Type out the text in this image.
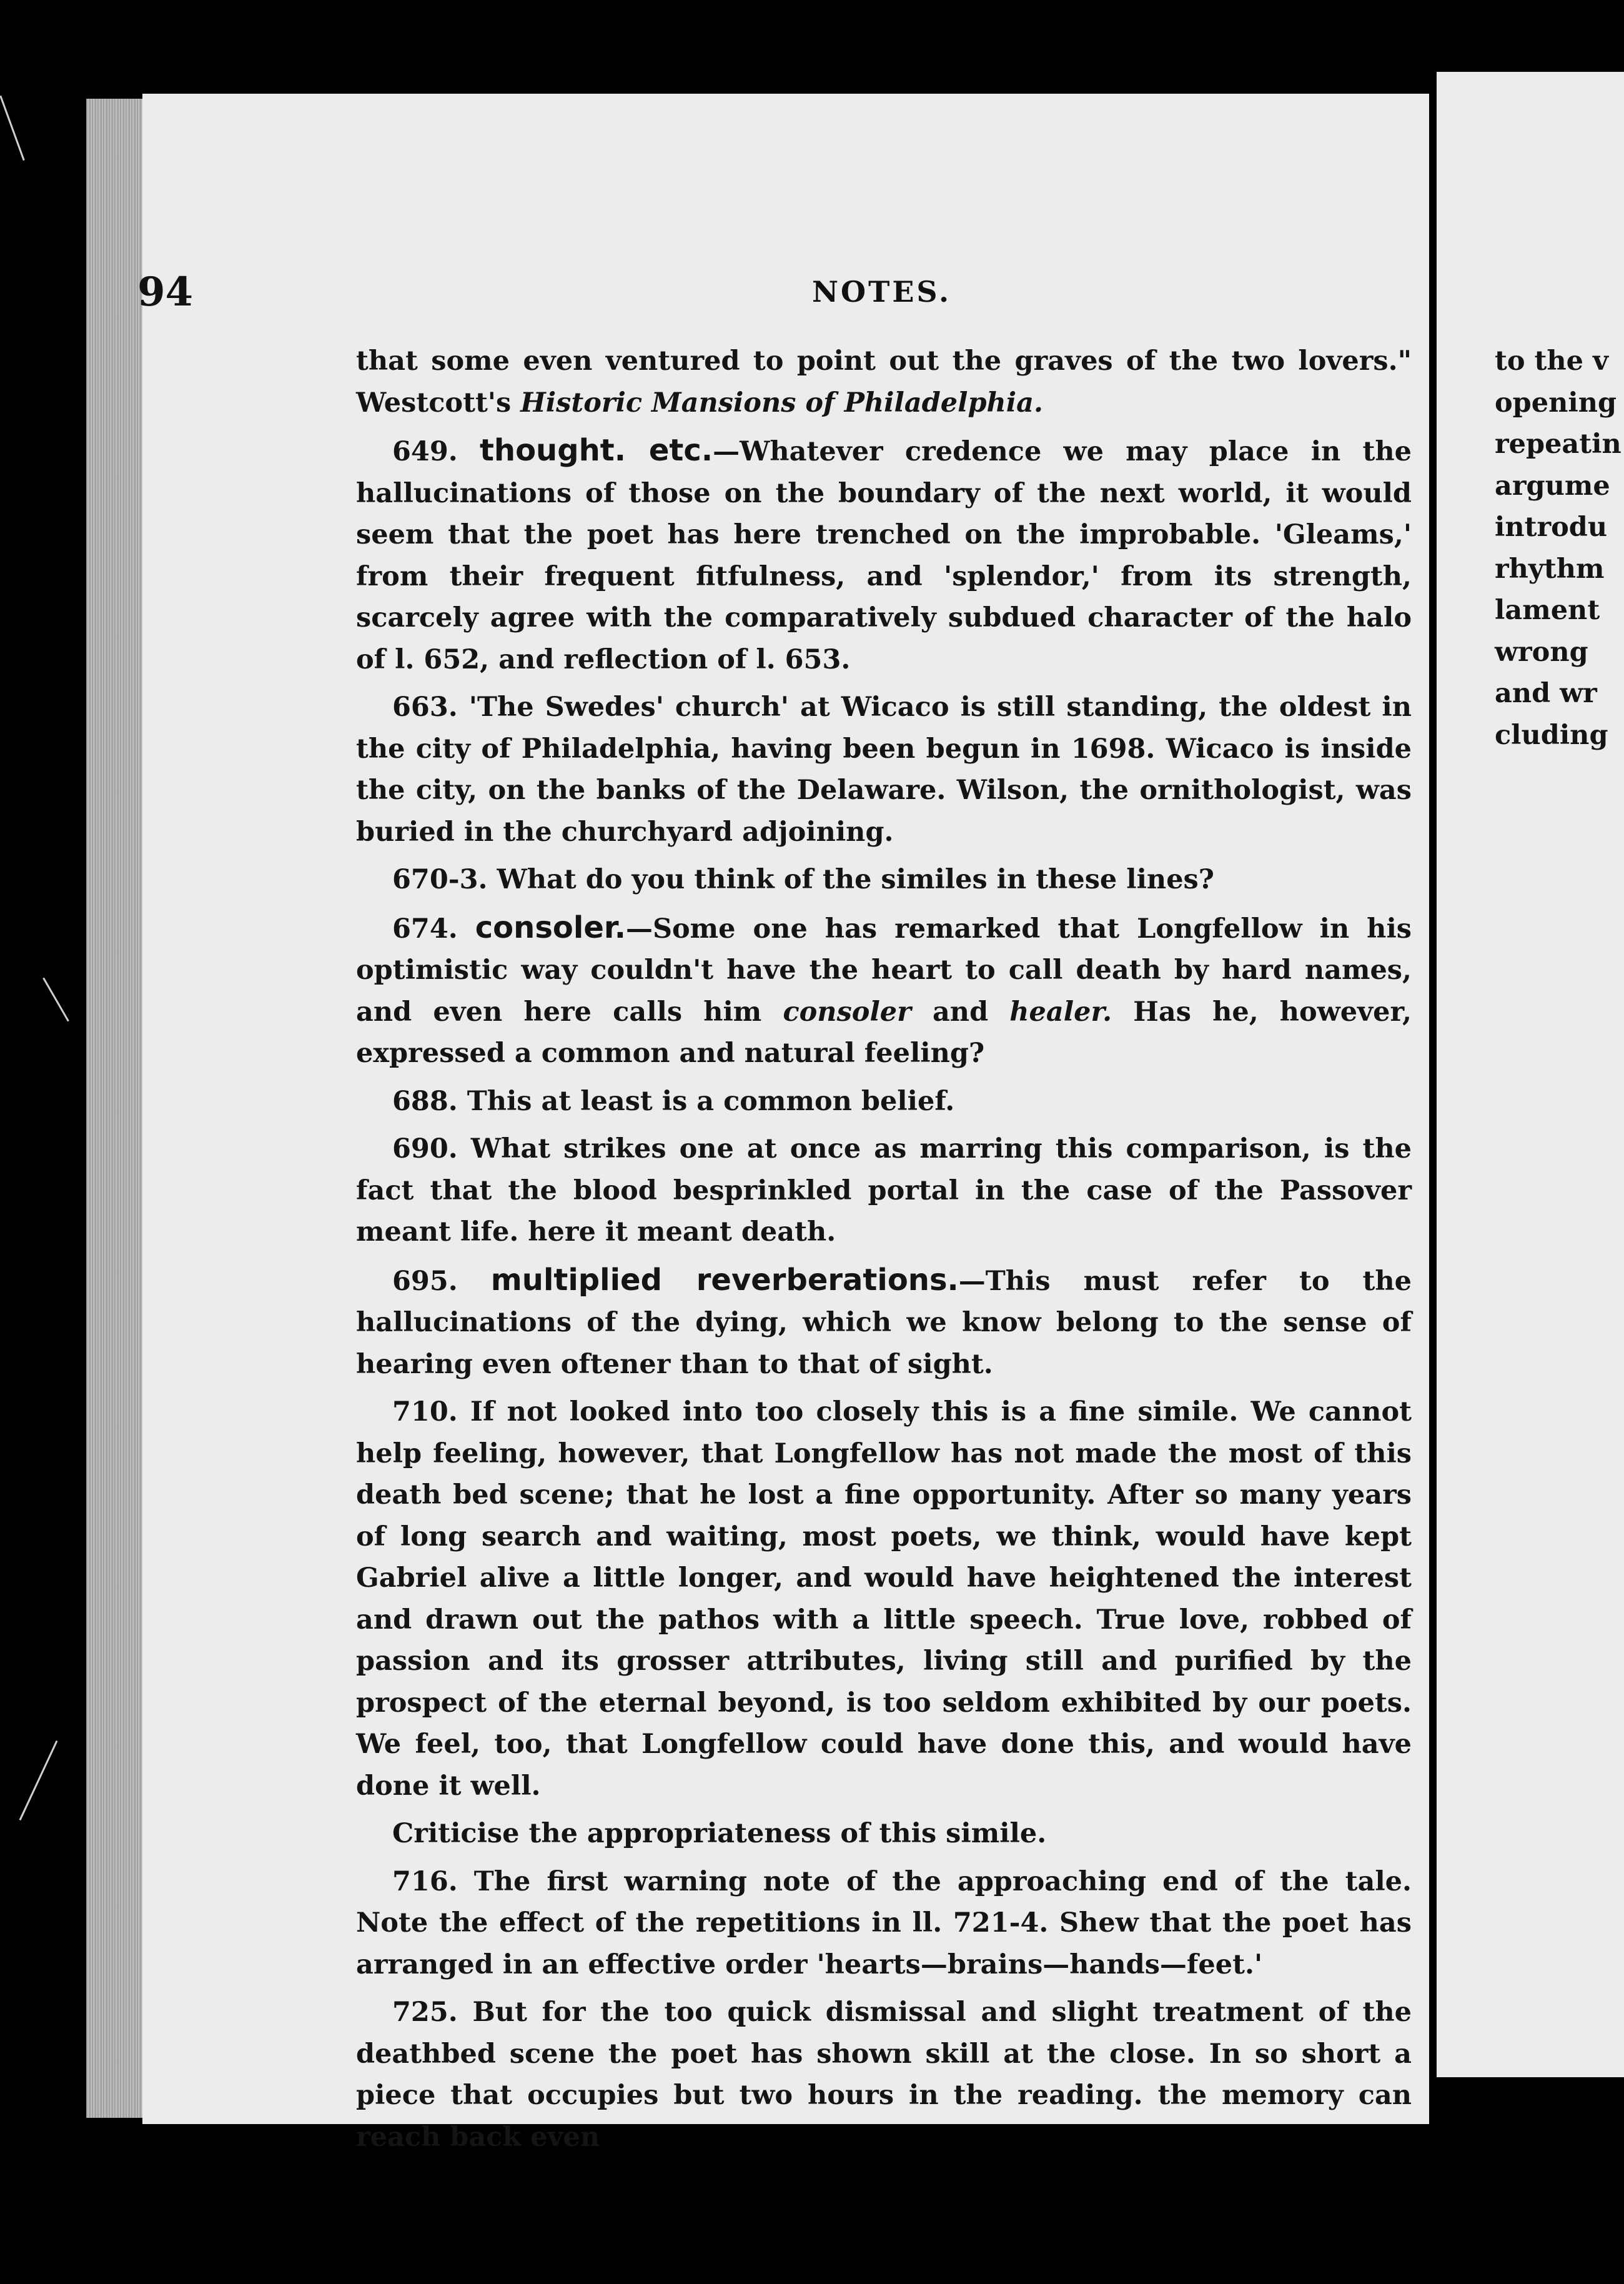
94	NOTES.

that some even ventured to point out the graves of the two lovers." Westcott's Historic Mansions of Philadelphia.

649. thought. etc.—Whatever credence we may place in the hallucinations of those on the boundary of the next world, it would seem that the poet has here trenched on the improbable. 'Gleams,' from their frequent fitfulness, and 'splendor,' from its strength, scarcely agree with the comparatively subdued character of the halo of l. 652, and reflection of l. 653.

663. 'The Swedes' church' at Wicaco is still standing, the oldest in the city of Philadelphia, having been begun in 1698. Wicaco is inside the city, on the banks of the Delaware. Wilson, the ornithologist, was buried in the churchyard adjoining.

670-3. What do you think of the similes in these lines?

674. consoler.—Some one has remarked that Longfellow in his optimistic way couldn't have the heart to call death by hard names, and even here calls him consoler and healer. Has he, however, expressed a common and natural feeling?

688. This at least is a common belief.

690. What strikes one at once as marring this comparison, is the fact that the blood besprinkled portal in the case of the Passover meant life. here it meant death.

695. multiplied reverberations.—This must refer to the hallucinations of the dying, which we know belong to the sense of hearing even oftener than to that of sight.

710. If not looked into too closely this is a fine simile. We cannot help feeling, however, that Longfellow has not made the most of this death bed scene; that he lost a fine opportunity. After so many years of long search and waiting, most poets, we think, would have kept Gabriel alive a little longer, and would have heightened the interest and drawn out the pathos with a little speech. True love, robbed of passion and its grosser attributes, living still and purified by the prospect of the eternal beyond, is too seldom exhibited by our poets. We feel, too, that Longfellow could have done this, and would have done it well.

Criticise the appropriateness of this simile.

716. The first warning note of the approaching end of the tale. Note the effect of the repetitions in ll. 721-4. Shew that the poet has arranged in an effective order 'hearts—brains—hands—feet.'

725. But for the too quick dismissal and slight treatment of the deathbed scene the poet has shown skill at the close. In so short a piece that occupies but two hours in the reading. the memory can reach back even

to the v
opening
repeatin
argume
introdu
rhythm
lament
wrong
and wr
cluding
